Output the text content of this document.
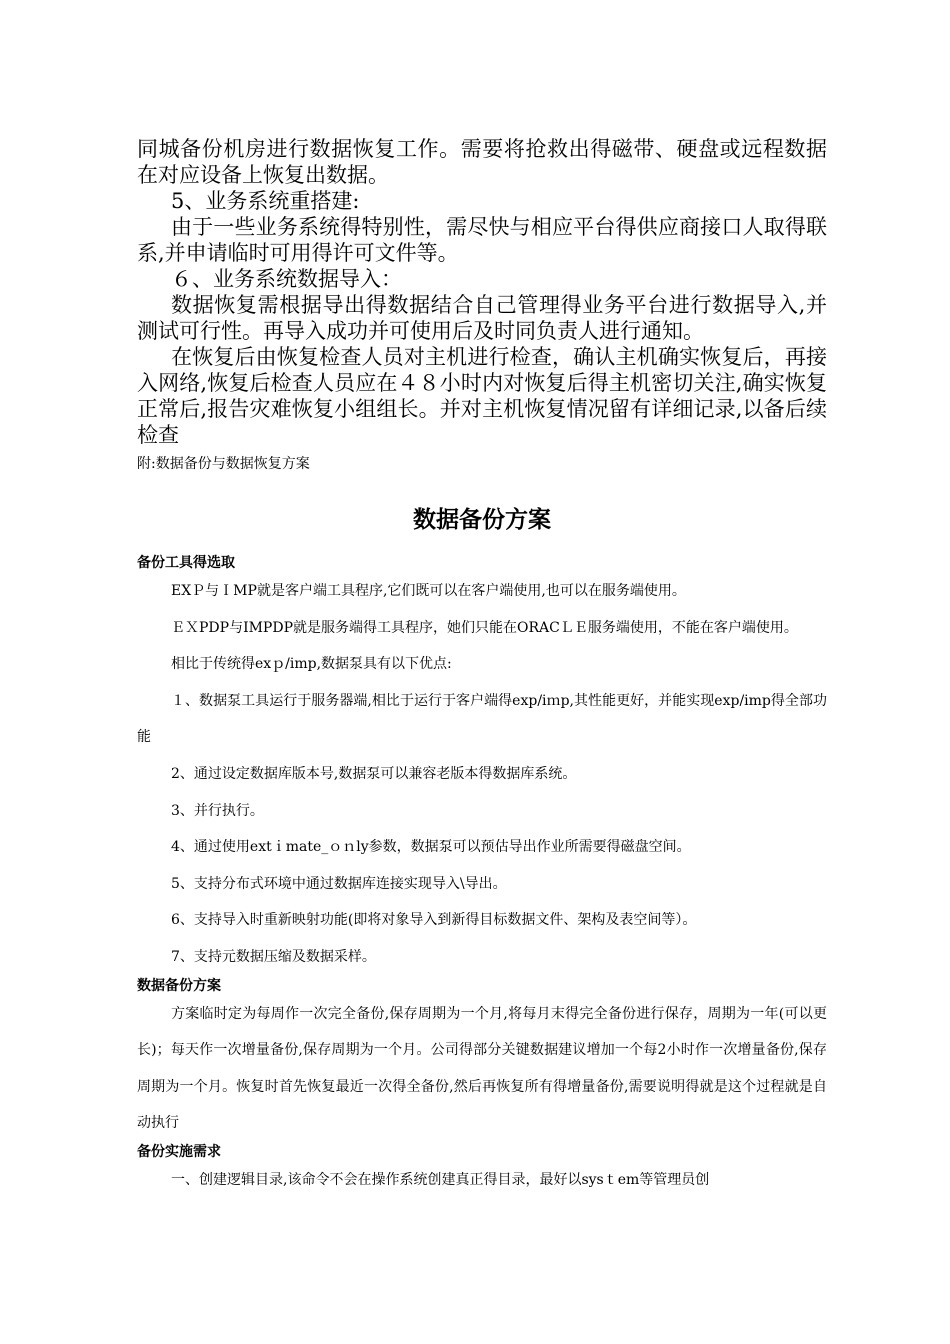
同城备份机房进行数据恢复工作。需要将抢救出得磁带、硬盘或远程数据在对应设备上恢复出数据。

5、业务系统重搭建:

由于一些业务系统得特别性，需尽快与相应平台得供应商接口人取得联系,并申请临时可用得许可文件等。

６、业务系统数据导入：

数据恢复需根据导出得数据结合自己管理得业务平台进行数据导入,并测试可行性。再导入成功并可使用后及时同负责人进行通知。

在恢复后由恢复检查人员对主机进行检查，确认主机确实恢复后，再接入网络,恢复后检查人员应在４８小时内对恢复后得主机密切关注,确实恢复正常后,报告灾难恢复小组组长。并对主机恢复情况留有详细记录,以备后续检查

附:数据备份与数据恢复方案

数据备份方案
备份工具得选取

EXＰ与ＩMP就是客户端工具程序,它们既可以在客户端使用,也可以在服务端使用。

ＥＸPDP与IMPDP就是服务端得工具程序，她们只能在ORACＬＥ服务端使用，不能在客户端使用。

相比于传统得exｐ/imp,数据泵具有以下优点:

１、数据泵工具运行于服务器端,相比于运行于客户端得exp/iｍp,其性能更好，并能实现exp/imp得全部功能

2、通过设定数据库版本号,数据泵可以兼容老版本得数据库系统。

3、并行执行。

4、通过使用extｉmate_ｏｎly参数，数据泵可以预估导出作业所需要得磁盘空间。

5、支持分布式环境中通过数据库连接实现导入\导出。

6、支持导入时重新映射功能(即将对象导入到新得目标数据文件、架构及表空间等）。

7、支持元数据压缩及数据采样。

数据备份方案

方案临时定为每周作一次完全备份,保存周期为一个月,将每月末得完全备份进行保存，周期为一年(可以更长)；每天作一次增量备份,保存周期为一个月。公司得部分关键数据建议增加一个每2小时作一次增量备份,保存周期为一个月。恢复时首先恢复最近一次得全备份,然后再恢复所有得增量备份,需要说明得就是这个过程就是自动执行

备份实施需求

一、创建逻辑目录,该命令不会在操作系统创建真正得目录，最好以sysｔem等管理员创
